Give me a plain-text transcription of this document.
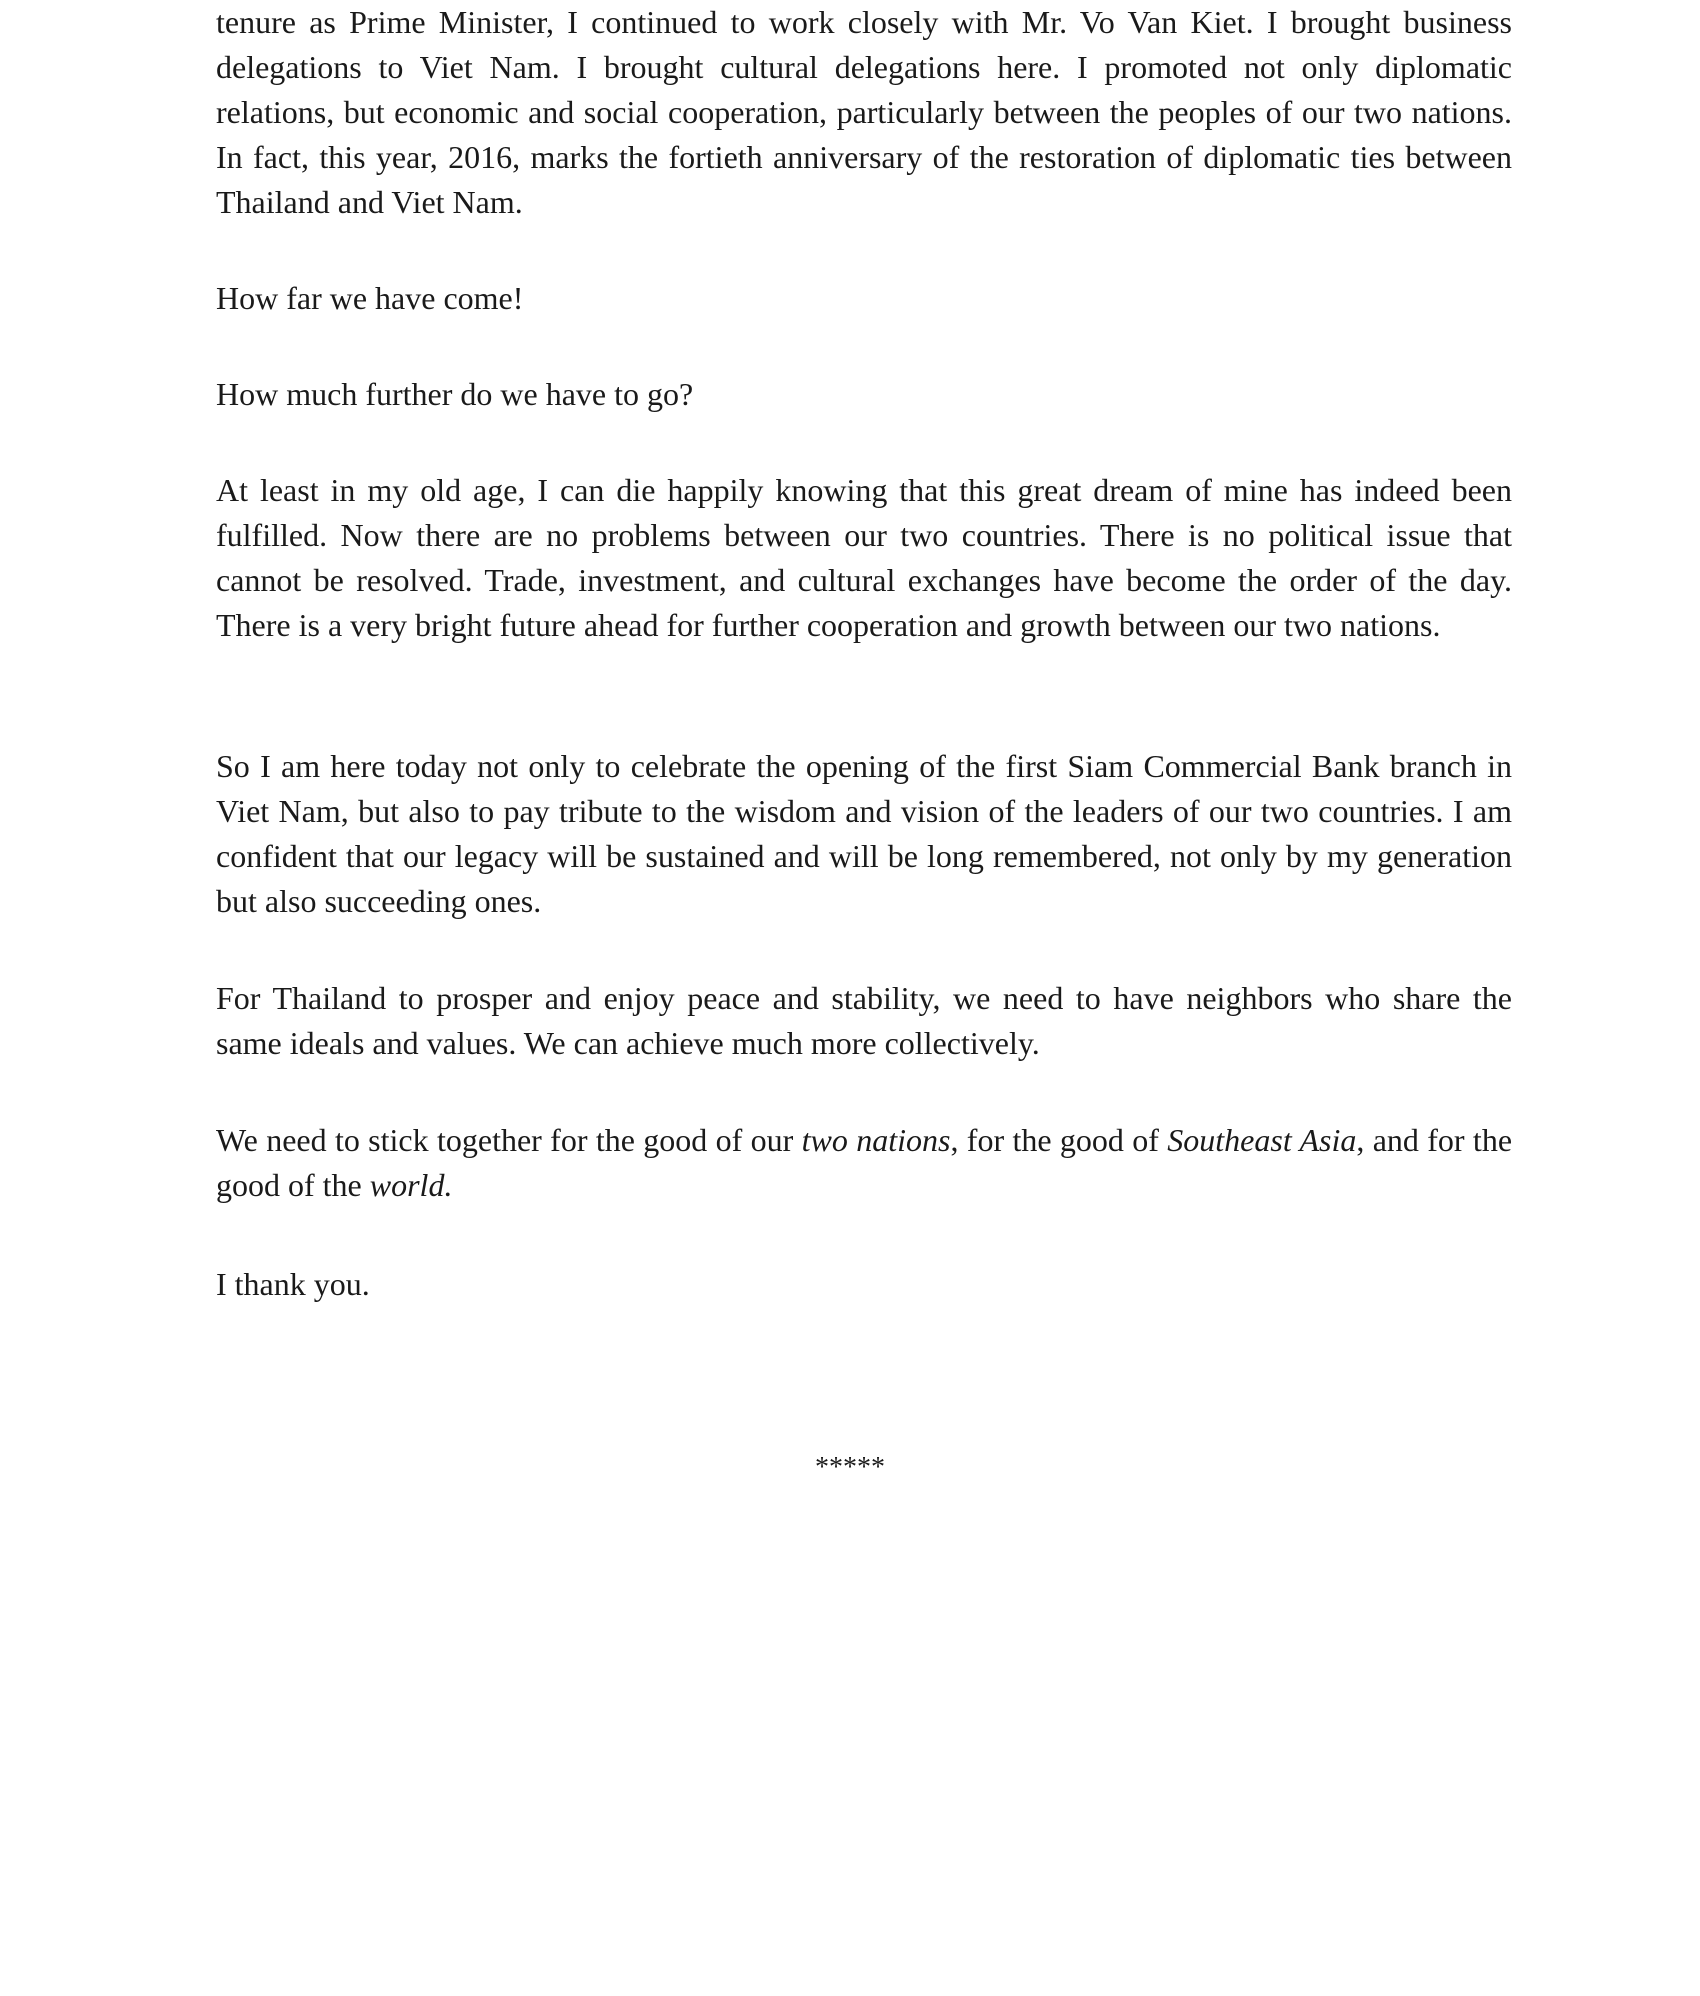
tenure as Prime Minister, I continued to work closely with Mr. Vo Van Kiet. I brought business delegations to Viet Nam. I brought cultural delegations here. I promoted not only diplomatic relations, but economic and social cooperation, particularly between the peoples of our two nations. In fact, this year, 2016, marks the fortieth anniversary of the restoration of diplomatic ties between Thailand and Viet Nam.

How far we have come!

How much further do we have to go?

At least in my old age, I can die happily knowing that this great dream of mine has indeed been fulfilled. Now there are no problems between our two countries. There is no political issue that cannot be resolved. Trade, investment, and cultural exchanges have become the order of the day. There is a very bright future ahead for further cooperation and growth between our two nations.

So I am here today not only to celebrate the opening of the first Siam Commercial Bank branch in Viet Nam, but also to pay tribute to the wisdom and vision of the leaders of our two countries. I am confident that our legacy will be sustained and will be long remembered, not only by my generation but also succeeding ones.

For Thailand to prosper and enjoy peace and stability, we need to have neighbors who share the same ideals and values. We can achieve much more collectively.

We need to stick together for the good of our two nations, for the good of Southeast Asia, and for the good of the world.

I thank you.

*****
